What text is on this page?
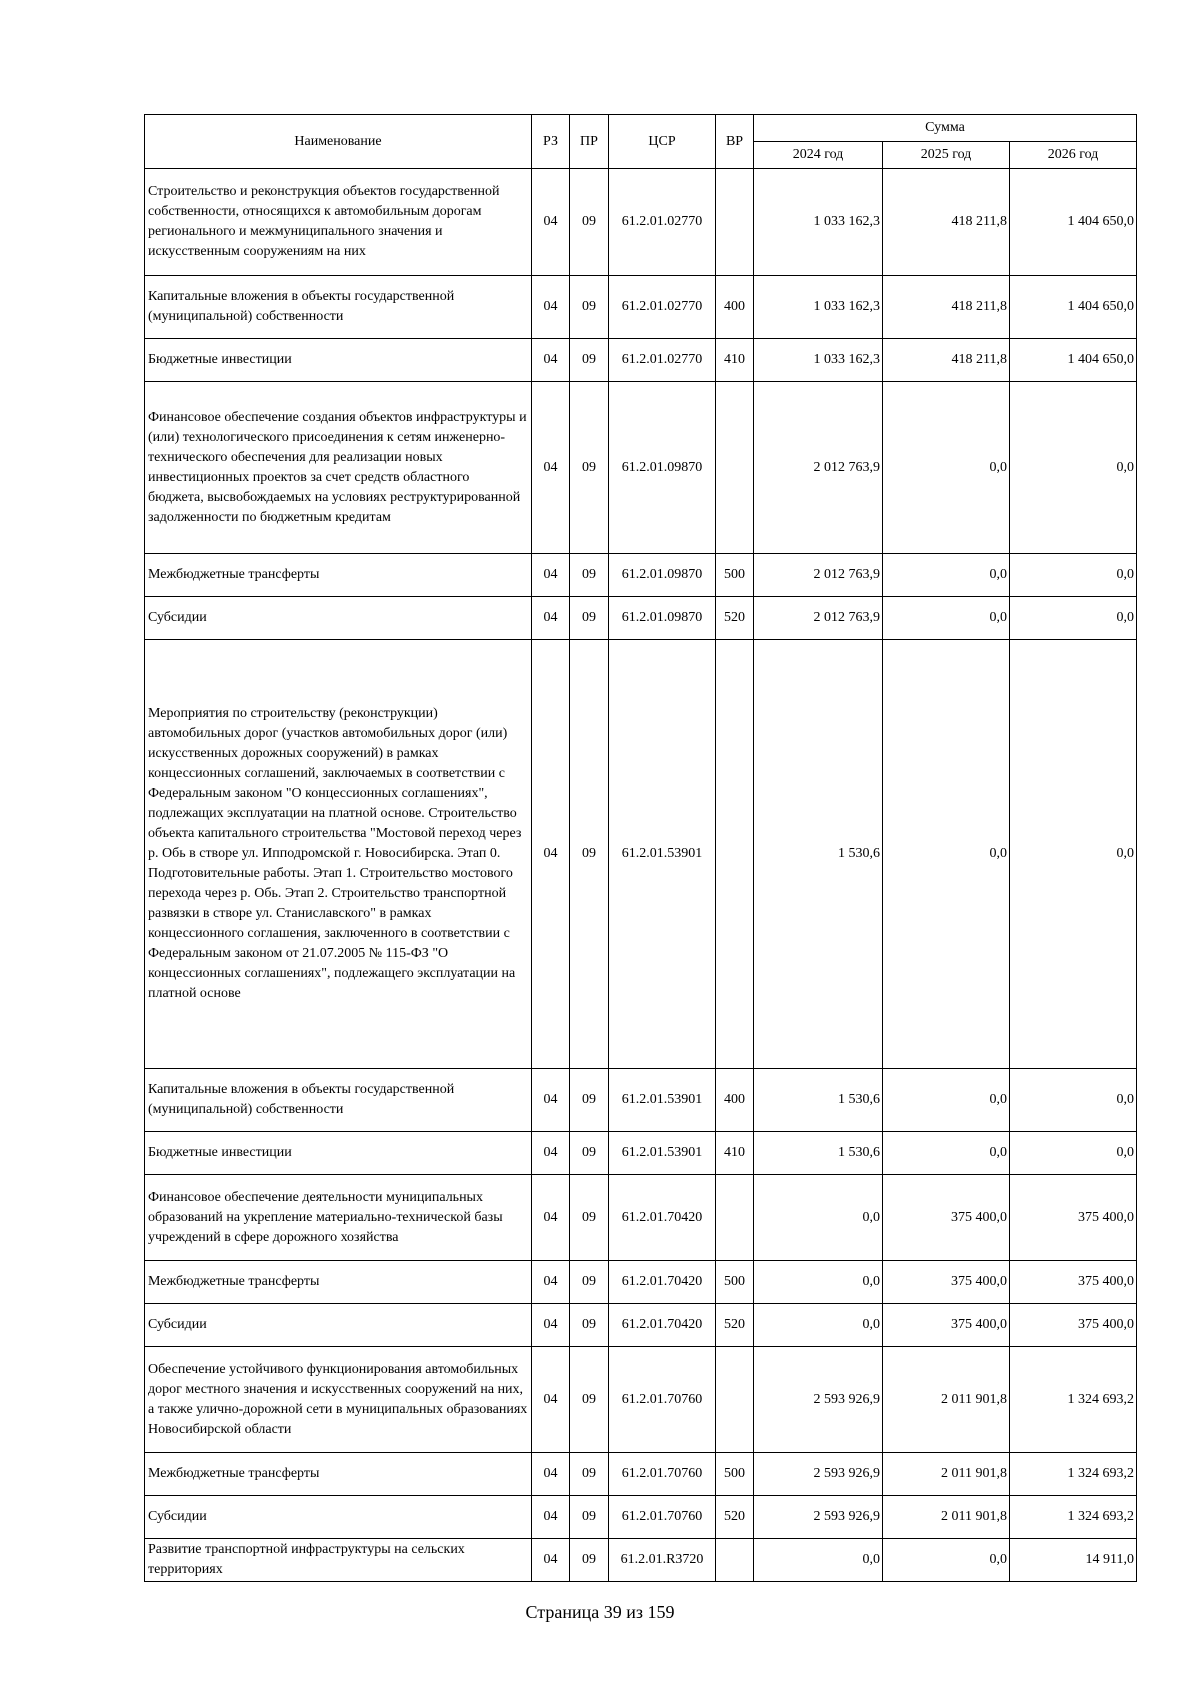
Наименование	РЗ	ПР	ЦСР	ВР	Сумма		
					2024 год	2025 год	2026 год
Строительство и реконструкция объектов государственной собственности, относящихся к автомобильным дорогам регионального и межмуниципального значения и искусственным сооружениям на них	04	09	61.2.01.02770		1 033 162,3	418 211,8	1 404 650,0
Капитальные вложения в объекты государственной (муниципальной) собственности	04	09	61.2.01.02770	400	1 033 162,3	418 211,8	1 404 650,0
Бюджетные инвестиции	04	09	61.2.01.02770	410	1 033 162,3	418 211,8	1 404 650,0
Финансовое обеспечение создания объектов инфраструктуры и (или) технологического присоединения к сетям инженерно-технического обеспечения для реализации новых инвестиционных проектов за счет средств областного бюджета, высвобождаемых на условиях реструктурированной задолженности по бюджетным кредитам	04	09	61.2.01.09870		2 012 763,9	0,0	0,0
Межбюджетные трансферты	04	09	61.2.01.09870	500	2 012 763,9	0,0	0,0
Субсидии	04	09	61.2.01.09870	520	2 012 763,9	0,0	0,0
Мероприятия по строительству (реконструкции) автомобильных дорог (участков автомобильных дорог (или) искусственных дорожных сооружений) в рамках концессионных соглашений, заключаемых в соответствии с Федеральным законом "О концессионных соглашениях", подлежащих эксплуатации на платной основе. Строительство объекта капитального строительства "Мостовой переход через р. Обь в створе ул. Ипподромской г. Новосибирска. Этап 0. Подготовительные работы. Этап 1. Строительство мостового перехода через р. Обь. Этап 2. Строительство транспортной развязки в створе ул. Станиславского" в рамках концессионного соглашения, заключенного в соответствии с Федеральным законом от 21.07.2005 № 115-ФЗ "О концессионных соглашениях", подлежащего эксплуатации на платной основе	04	09	61.2.01.53901		1 530,6	0,0	0,0
Капитальные вложения в объекты государственной (муниципальной) собственности	04	09	61.2.01.53901	400	1 530,6	0,0	0,0
Бюджетные инвестиции	04	09	61.2.01.53901	410	1 530,6	0,0	0,0
Финансовое обеспечение деятельности муниципальных образований на укрепление материально-технической базы учреждений в сфере дорожного хозяйства	04	09	61.2.01.70420		0,0	375 400,0	375 400,0
Межбюджетные трансферты	04	09	61.2.01.70420	500	0,0	375 400,0	375 400,0
Субсидии	04	09	61.2.01.70420	520	0,0	375 400,0	375 400,0
Обеспечение устойчивого функционирования автомобильных дорог местного значения и искусственных сооружений на них, а также улично-дорожной сети в муниципальных образованиях Новосибирской области	04	09	61.2.01.70760		2 593 926,9	2 011 901,8	1 324 693,2
Межбюджетные трансферты	04	09	61.2.01.70760	500	2 593 926,9	2 011 901,8	1 324 693,2
Субсидии	04	09	61.2.01.70760	520	2 593 926,9	2 011 901,8	1 324 693,2
Развитие транспортной инфраструктуры на сельских территориях	04	09	61.2.01.R3720		0,0	0,0	14 911,0
Страница 39 из 159
